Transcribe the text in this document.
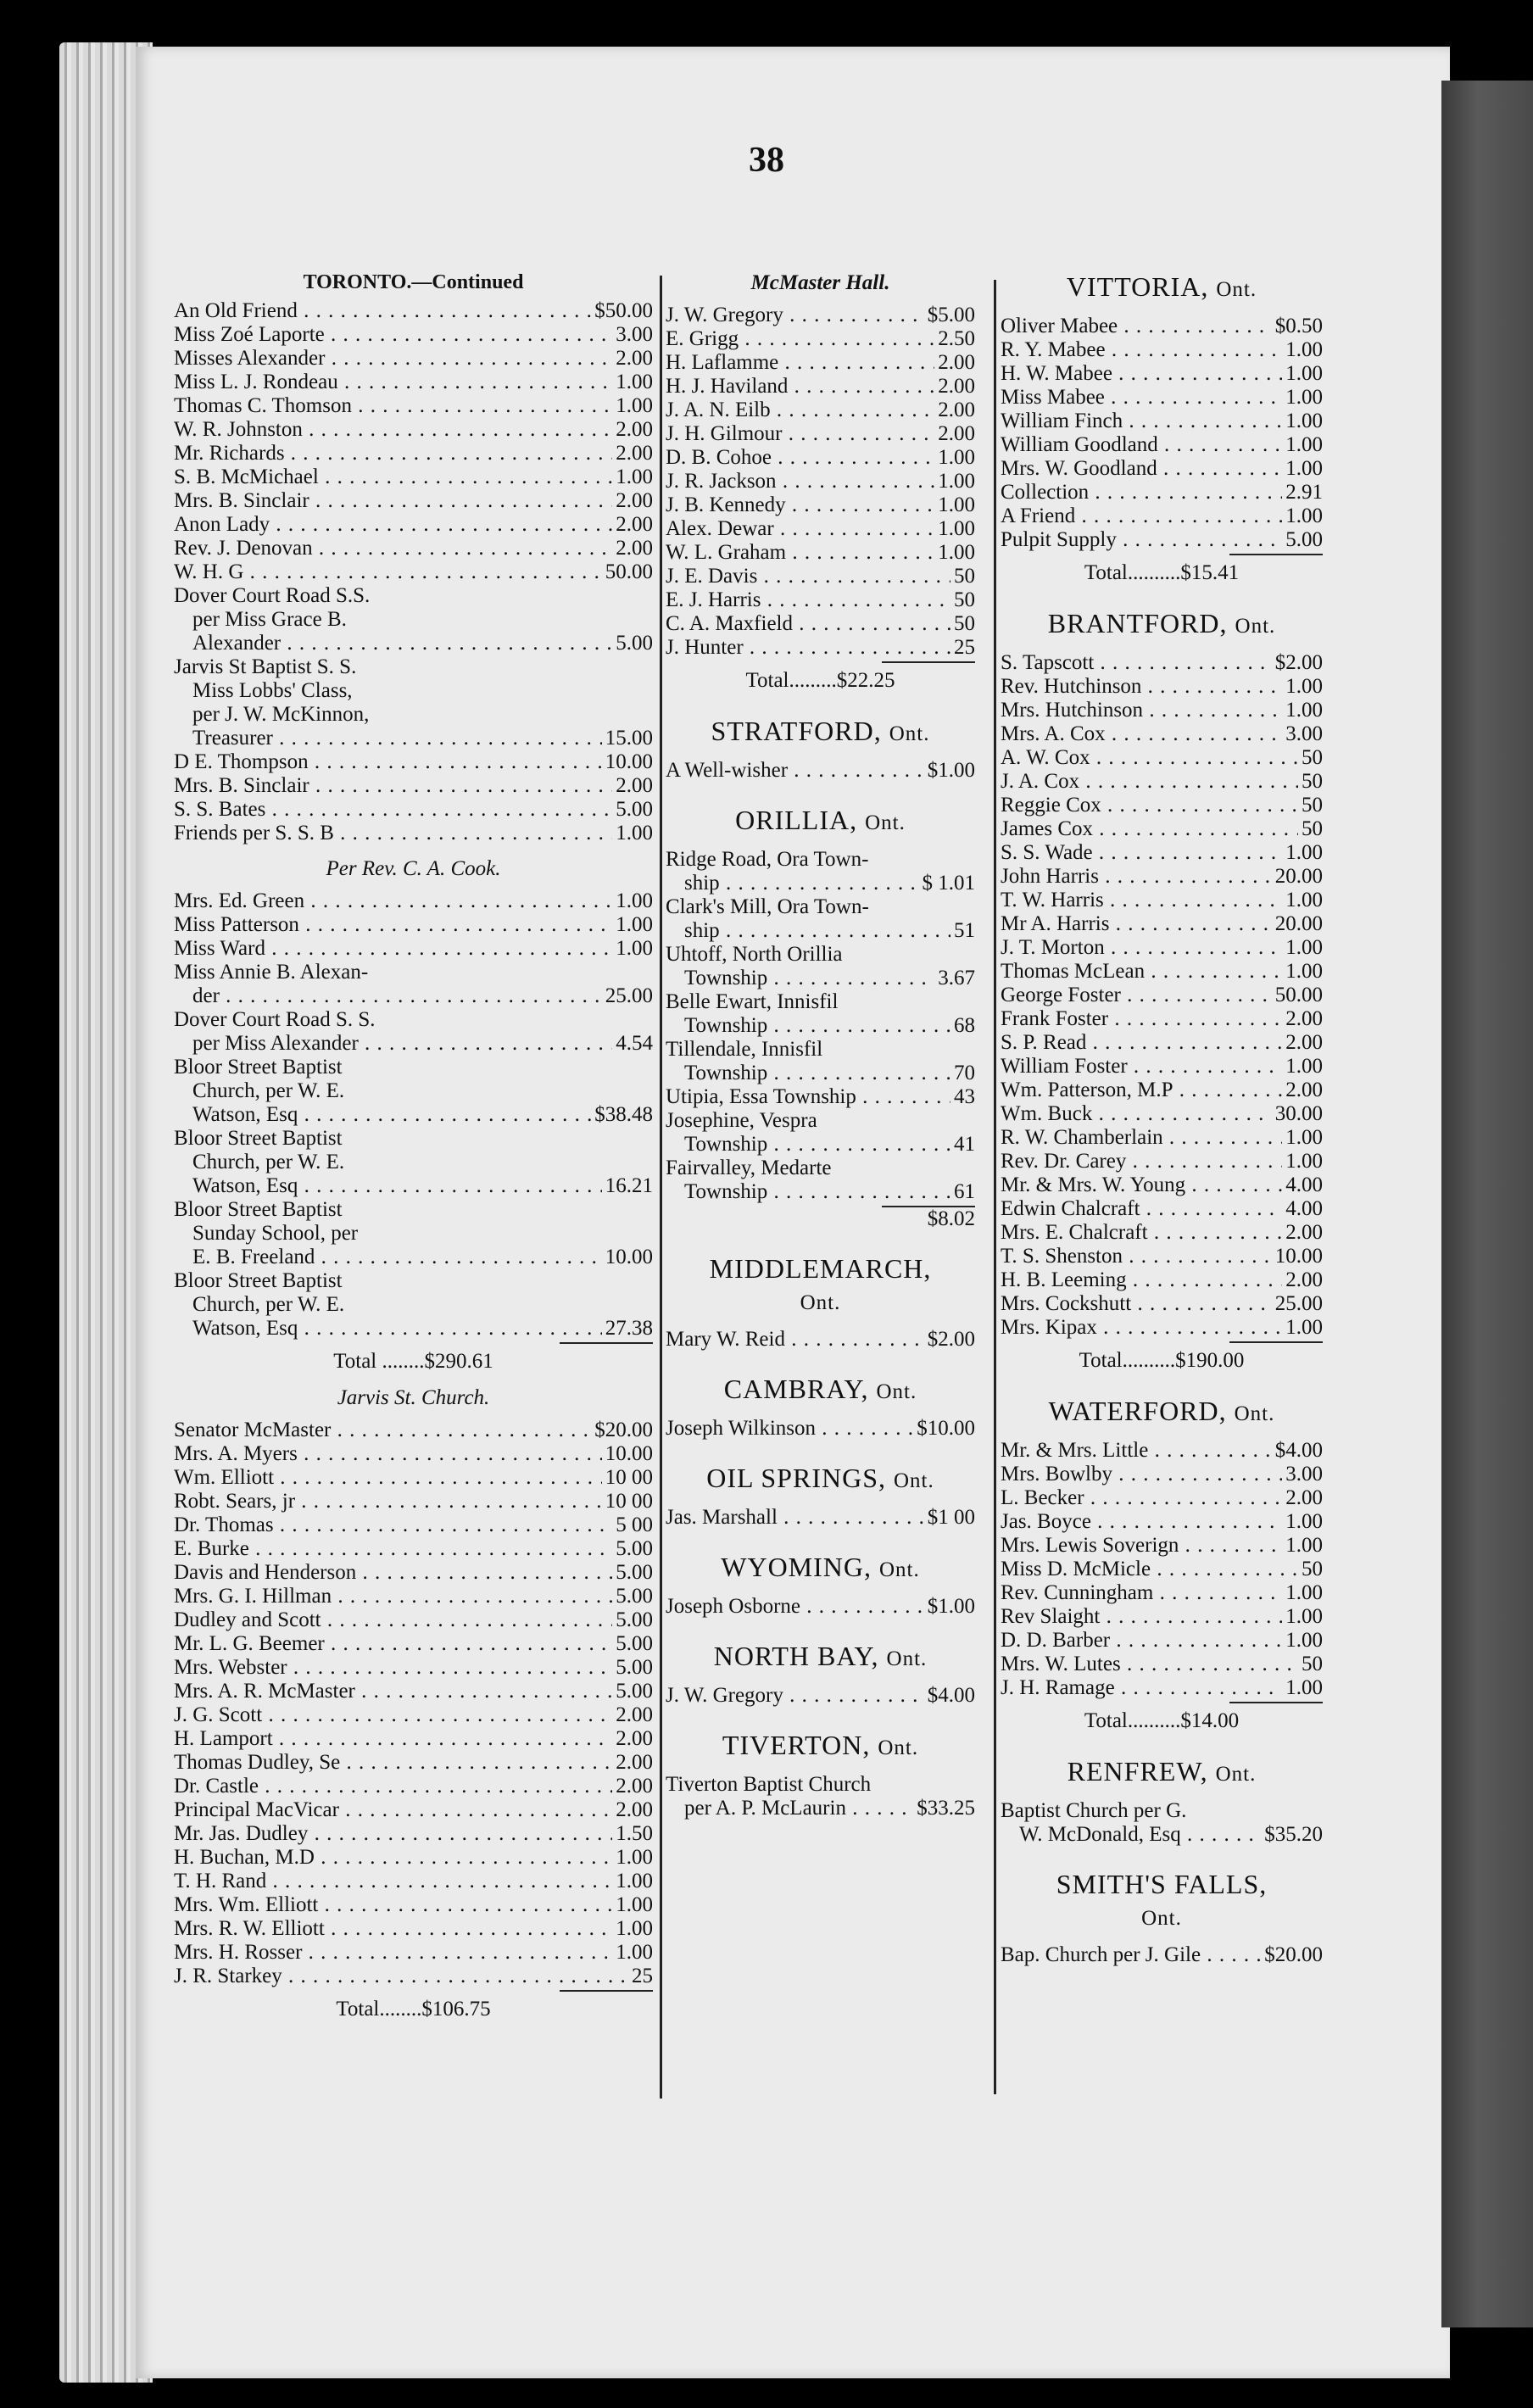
38
TORONTO.—Continued
An Old Friend . . .	$50.00
Miss Zoé Laporte . . .	3.00
Misses Alexander . . .	2.00
Miss L. J. Rondeau . . .	1.00
Thomas C. Thomson . . .	1.00
W. R. Johnston . . .	2.00
Mr. Richards . . .	2.00
S. B. McMichael . . .	1.00
Mrs. B. Sinclair . . .	2.00
Anon Lady . . .	2.00
Rev. J. Denovan . . .	2.00
W. H. G . . .	50.00
Dover Court Road S.S.
per Miss Grace B.
Alexander . . .	5.00
Jarvis St Baptist S. S.
Miss Lobbs' Class,
per J. W. McKinnon,
Treasurer . . .	15.00
D E. Thompson . . .	10.00
Mrs. B. Sinclair . . .	2.00
S. S. Bates . . .	5.00
Friends per S. S. B . . .	1.00
Per Rev. C. A. Cook.
Mrs. Ed. Green . . .	1.00
Miss Patterson . . .	1.00
Miss Ward . . .	1.00
Miss Annie B. Alexan-
der . . .	25.00
Dover Court Road S. S.
per Miss Alexander . . .	4.54
Bloor Street Baptist
Church, per W. E.
Watson, Esq . . .	$38.48
Bloor Street Baptist
Church, per W. E.
Watson, Esq . . .	16.21
Bloor Street Baptist
Sunday School, per
E. B. Freeland . . .	10.00
Bloor Street Baptist
Church, per W. E.
Watson, Esq . . .	27.38
Total ........$290.61
Jarvis St. Church.
Senator McMaster . . .	$20.00
Mrs. A. Myers . . .	10.00
Wm. Elliott . . .	10 00
Robt. Sears, jr . . .	10 00
Dr. Thomas . . .	5 00
E. Burke . . .	5.00
Davis and Henderson . . .	5.00
Mrs. G. I. Hillman . . .	5.00
Dudley and Scott . . .	5.00
Mr. L. G. Beemer . . .	5.00
Mrs. Webster . . .	5.00
Mrs. A. R. McMaster . . .	5.00
J. G. Scott . . .	2.00
H. Lamport . . .	2.00
Thomas Dudley, Se . . .	2.00
Dr. Castle . . .	2.00
Principal MacVicar . . .	2.00
Mr. Jas. Dudley . . .	1.50
H. Buchan, M.D . . .	1.00
T. H. Rand . . .	1.00
Mrs. Wm. Elliott . . .	1.00
Mrs. R. W. Elliott . . .	1.00
Mrs. H. Rosser . . .	1.00
J. R. Starkey . . .	25
Total........$106.75
McMaster Hall.
J. W. Gregory . . .	$5.00
E. Grigg . . .	2.50
H. Laflamme . . .	2.00
H. J. Haviland . . .	2.00
J. A. N. Eilb . . .	2.00
J. H. Gilmour . . .	2.00
D. B. Cohoe . . .	1.00
J. R. Jackson . . .	1.00
J. B. Kennedy . . .	1.00
Alex. Dewar . . .	1.00
W. L. Graham . . .	1.00
J. E. Davis . . .	50
E. J. Harris . . .	50
C. A. Maxfield . . .	50
J. Hunter . . .	25
Total.........$22.25
STRATFORD, Ont.
A Well-wisher . . .	$1.00
ORILLIA, Ont.
Ridge Road, Ora Town-
ship . . .	$ 1.01
Clark's Mill, Ora Town-
ship . . .	51
Uhtoff, North Orillia
Township . . .	3.67
Belle Ewart, Innisfil
Township . . .	68
Tillendale, Innisfil
Township . . .	70
Utipia, Essa Township . . .	43
Josephine, Vespra
Township . . .	41
Fairvalley, Medarte
Township . . .	61
$8.02
MIDDLEMARCH,
Ont.
Mary W. Reid . . .	$2.00
CAMBRAY, Ont.
Joseph Wilkinson . . .	$10.00
OIL SPRINGS, Ont.
Jas. Marshall . . .	$1 00
WYOMING, Ont.
Joseph Osborne . . .	$1.00
NORTH BAY, Ont.
J. W. Gregory . . .	$4.00
TIVERTON, Ont.
Tiverton Baptist Church
per A. P. McLaurin . . .	$33.25
VITTORIA, Ont.
Oliver Mabee . . .	$0.50
R. Y. Mabee . . .	1.00
H. W. Mabee . . .	1.00
Miss Mabee . . .	1.00
William Finch . . .	1.00
William Goodland . . .	1.00
Mrs. W. Goodland . . .	1.00
Collection . . .	2.91
A Friend . . .	1.00
Pulpit Supply . . .	5.00
Total..........$15.41
BRANTFORD, Ont.
S. Tapscott . . .	$2.00
Rev. Hutchinson . . .	1.00
Mrs. Hutchinson . . .	1.00
Mrs. A. Cox . . .	3.00
A. W. Cox . . .	50
J. A. Cox . . .	50
Reggie Cox . . .	50
James Cox . . .	50
S. S. Wade . . .	1.00
John Harris . . .	20.00
T. W. Harris . . .	1.00
Mr A. Harris . . .	20.00
J. T. Morton . . .	1.00
Thomas McLean . . .	1.00
George Foster . . .	50.00
Frank Foster . . .	2.00
S. P. Read . . .	2.00
William Foster . . .	1.00
Wm. Patterson, M.P . . .	2.00
Wm. Buck . . .	30.00
R. W. Chamberlain . . .	1.00
Rev. Dr. Carey . . .	1.00
Mr. & Mrs. W. Young . . .	4.00
Edwin Chalcraft . . .	4.00
Mrs. E. Chalcraft . . .	2.00
T. S. Shenston . . .	10.00
H. B. Leeming . . .	2.00
Mrs. Cockshutt . . .	25.00
Mrs. Kipax . . .	1.00
Total..........$190.00
WATERFORD, Ont.
Mr. & Mrs. Little . . .	$4.00
Mrs. Bowlby . . .	3.00
L. Becker . . .	2.00
Jas. Boyce . . .	1.00
Mrs. Lewis Soverign . . .	1.00
Miss D. McMicle . . .	50
Rev. Cunningham . . .	1.00
Rev Slaight . . .	1.00
D. D. Barber . . .	1.00
Mrs. W. Lutes . . .	50
J. H. Ramage . . .	1.00
Total..........$14.00
RENFREW, Ont.
Baptist Church per G.
W. McDonald, Esq . . .	$35.20
SMITH'S FALLS,
Ont.
Bap. Church per J. Gile . . .	$20.00
